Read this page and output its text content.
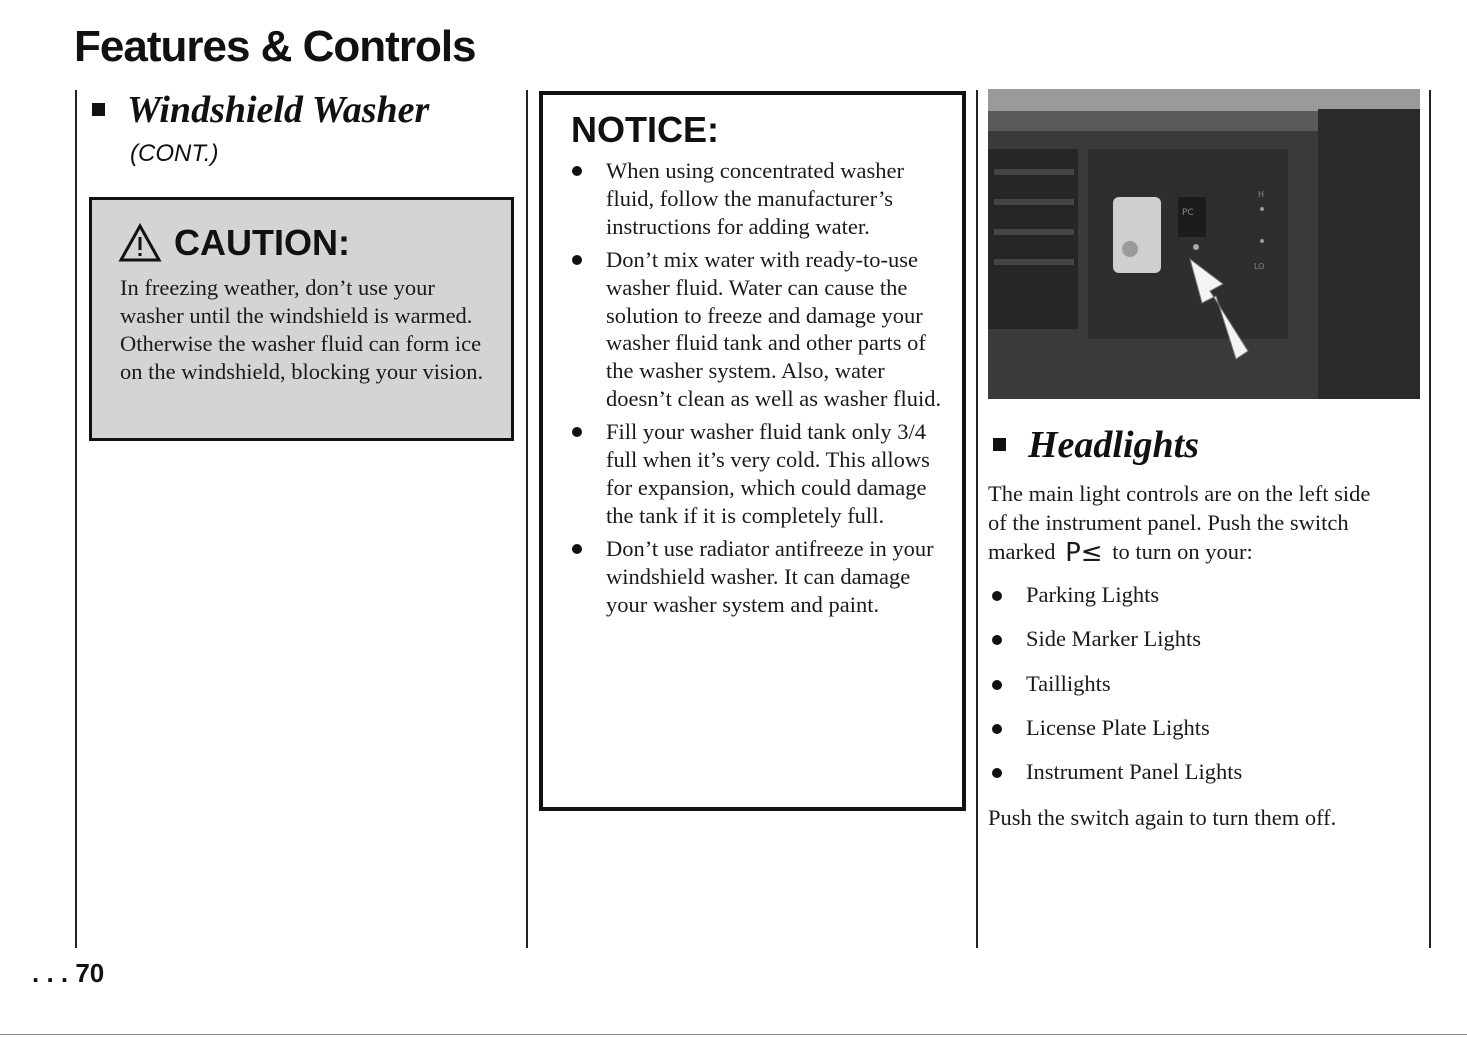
Features & Controls
Windshield Washer
(CONT.)
CAUTION:

In freezing weather, don’t use your washer until the windshield is warmed. Otherwise the washer fluid can form ice on the windshield, blocking your vision.

NOTICE:
When using concentrated washer fluid, follow the manufacturer’s instructions for adding water.
Don’t mix water with ready-to-use washer fluid. Water can cause the solution to freeze and damage your washer fluid tank and other parts of the washer system. Also, water doesn’t clean as well as washer fluid.
Fill your washer fluid tank only 3/4 full when it’s very cold. This allows for expansion, which could damage the tank if it is completely full.
Don’t use radiator antifreeze in your windshield washer. It can damage your washer system and paint.
PC
H
LO
Headlights

The main light controls are on the left side of the instrument panel. Push the switch marked P≤ to turn on your:

Parking Lights
Side Marker Lights
Taillights
License Plate Lights
Instrument Panel Lights

Push the switch again to turn them off.

. . . 70
